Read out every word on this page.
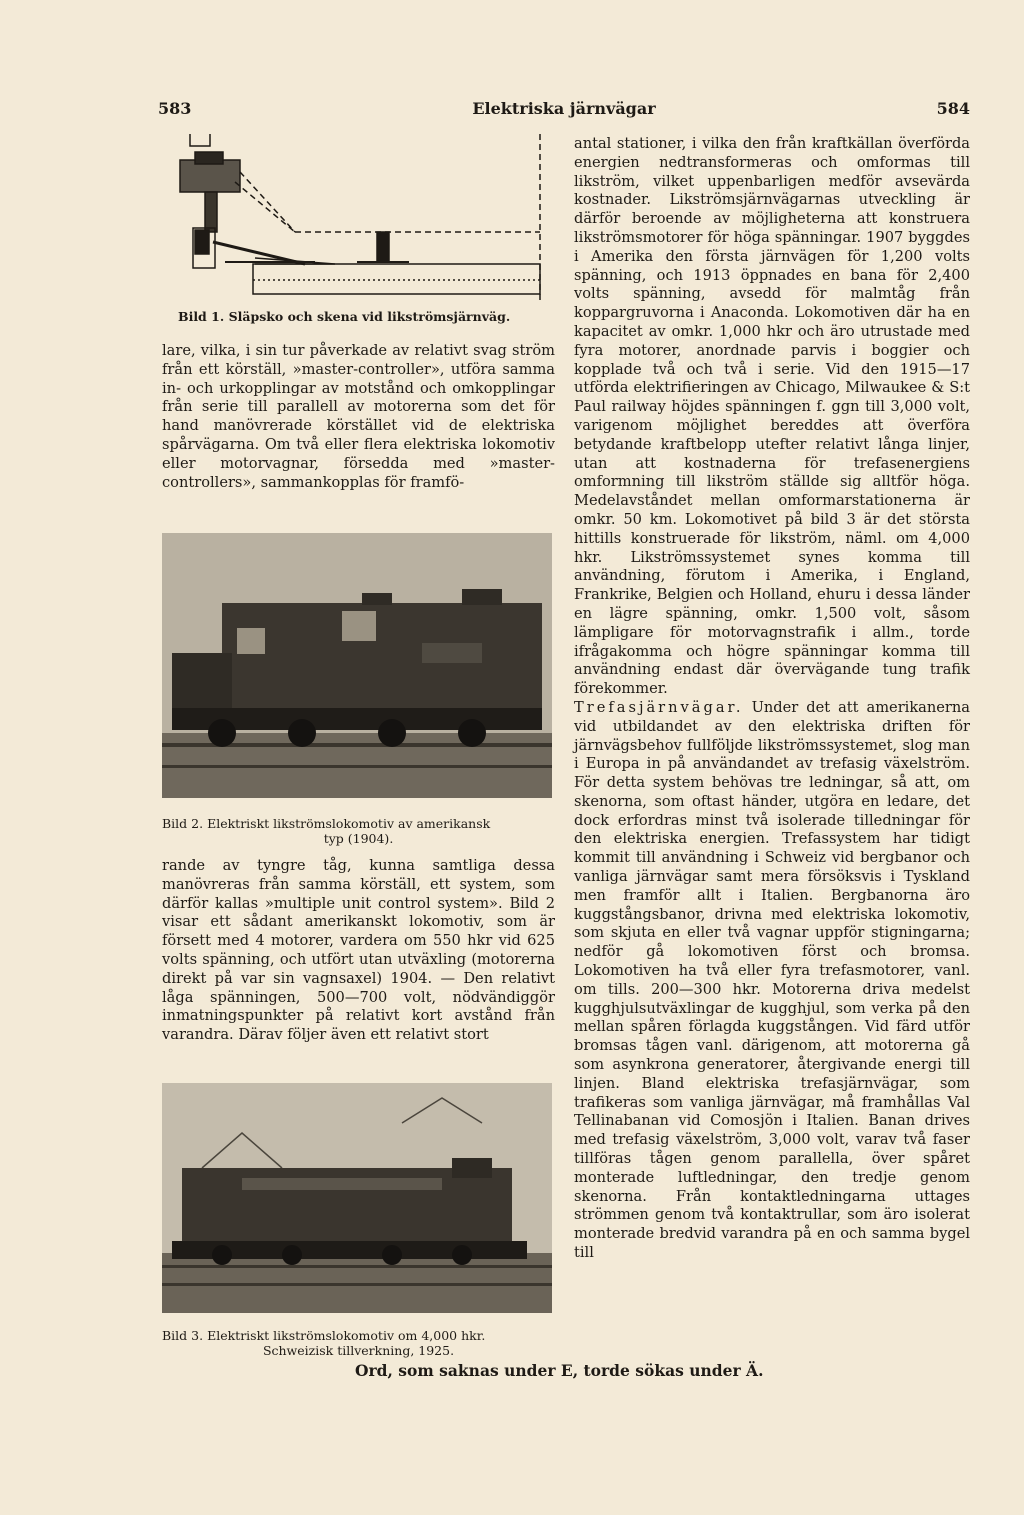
583	Elektriska järnvägar	584
Bild 1. Släpsko och skena vid likströmsjärnväg.

lare, vilka, i sin tur påverkade av relativt svag ström från ett körställ, »master-controller», utföra samma in- och urkopplingar av motstånd och omkopplingar från serie till parallell av motorerna som det för hand manövrerade körstället vid de elektriska spårvägarna. Om två eller flera elektriska lokomotiv eller motorvagnar, försedda med »master-controllers», sammankopplas för framfö-

Bild 2. Elektriskt likströmslokomotiv av amerikansk
typ (1904).

rande av tyngre tåg, kunna samtliga dessa manövreras från samma körställ, ett system, som därför kallas »multiple unit control system». Bild 2 visar ett sådant amerikanskt lokomotiv, som är försett med 4 motorer, vardera om 550 hkr vid 625 volts spänning, och utfört utan utväxling (motorerna direkt på var sin vagnsaxel) 1904. — Den relativt låga spänningen, 500—700 volt, nödvändiggör inmatningspunkter på relativt kort avstånd från varandra. Därav följer även ett relativt stort

Bild 3. Elektriskt likströmslokomotiv om 4,000 hkr.
Schweizisk tillverkning, 1925.

antal stationer, i vilka den från kraftkällan överförda energien nedtransformeras och omformas till likström, vilket uppenbarligen medför avsevärda kostnader. Likströmsjärnvägarnas utveckling är därför beroende av möjligheterna att konstruera likströmsmotorer för höga spänningar. 1907 byggdes i Amerika den första järnvägen för 1,200 volts spänning, och 1913 öppnades en bana för 2,400 volts spänning, avsedd för malmtåg från koppargruvorna i Anaconda. Lokomotiven där ha en kapacitet av omkr. 1,000 hkr och äro utrustade med fyra motorer, anordnade parvis i boggier och kopplade två och två i serie. Vid den 1915—17 utförda elektrifieringen av Chicago, Milwaukee & S:t Paul railway höjdes spänningen f. ggn till 3,000 volt, varigenom möjlighet bereddes att överföra betydande kraftbelopp utefter relativt långa linjer, utan att kostnaderna för trefasenergiens omformning till likström ställde sig alltför höga. Medelavståndet mellan omformarstationerna är omkr. 50 km. Lokomotivet på bild 3 är det största hittills konstruerade för likström, näml. om 4,000 hkr. Likströmssystemet synes komma till användning, förutom i Amerika, i England, Frankrike, Belgien och Holland, ehuru i dessa länder en lägre spänning, omkr. 1,500 volt, såsom lämpligare för motorvagnstrafik i allm., torde ifrågakomma och högre spänningar komma till användning endast där övervägande tung trafik förekommer.

Trefasjärnvägar. Under det att amerikanerna vid utbildandet av den elektriska driften för järnvägsbehov fullföljde likströmssystemet, slog man i Europa in på användandet av trefasig växelström. För detta system behövas tre ledningar, så att, om skenorna, som oftast händer, utgöra en ledare, det dock erfordras minst två isolerade tilledningar för den elektriska energien. Trefassystem har tidigt kommit till användning i Schweiz vid bergbanor och vanliga järnvägar samt mera försöksvis i Tyskland men framför allt i Italien. Bergbanorna äro kuggstångsbanor, drivna med elektriska lokomotiv, som skjuta en eller två vagnar uppför stigningarna; nedför gå lokomotiven först och bromsa. Lokomotiven ha två eller fyra trefasmotorer, vanl. om tills. 200—300 hkr. Motorerna driva medelst kugghjulsutväxlingar de kugghjul, som verka på den mellan spåren förlagda kuggstången. Vid färd utför bromsas tågen vanl. därigenom, att motorerna gå som asynkrona generatorer, återgivande energi till linjen. Bland elektriska trefasjärnvägar, som trafikeras som vanliga järnvägar, må framhållas Val Tellinabanan vid Comosjön i Italien. Banan drives med trefasig växelström, 3,000 volt, varav två faser tillföras tågen genom parallella, över spåret monterade luftledningar, den tredje genom skenorna. Från kontaktledningarna uttages strömmen genom två kontaktrullar, som äro isolerat monterade bredvid varandra på en och samma bygel till

Ord, som saknas under E, torde sökas under Ä.
